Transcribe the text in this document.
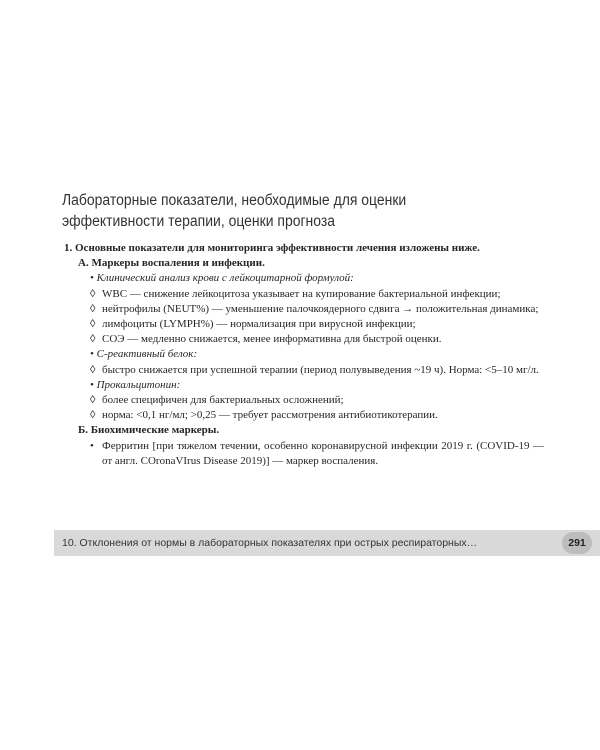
Лабораторные показатели, необходимые для оценки эффективности терапии, оценки прогноза

1. Основные показатели для мониторинга эффективности лечения изложены ниже.

А. Маркеры воспаления и инфекции.

• Клинический анализ крови с лейкоцитарной формулой:

◊ WBC — снижение лейкоцитоза указывает на купирование бактериальной инфекции;

◊ нейтрофилы (NEUT%) — уменьшение палочкоядерного сдвига → положительная динамика;

◊ лимфоциты (LYMPH%) — нормализация при вирусной инфекции;

◊ СОЭ — медленно снижается, менее информативна для быстрой оценки.

• С-реактивный белок:

◊ быстро снижается при успешной терапии (период полувыведения ~19 ч). Норма: <5–10 мг/л.

• Прокальцитонин:

◊ более специфичен для бактериальных осложнений;

◊ норма: <0,1 нг/мл; >0,25 — требует рассмотрения антибиотикотерапии.

Б. Биохимические маркеры.

• Ферритин [при тяжелом течении, особенно коронавирусной инфекции 2019 г. (COVID-19 — от англ. COronaVIrus Disease 2019)] — маркер воспаления.

10. Отклонения от нормы в лабораторных показателях при острых респираторных…	291
